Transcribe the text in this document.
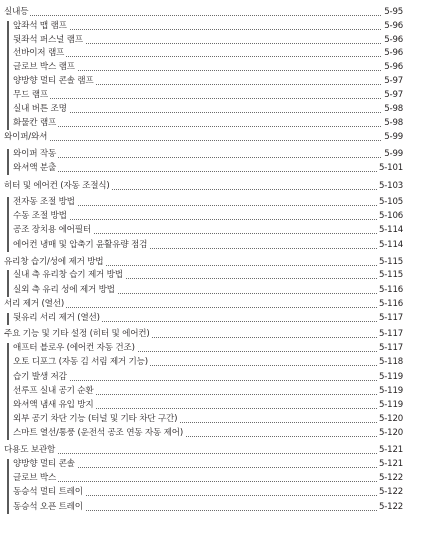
실내등	5-95
앞좌석 맵 램프	5-96
뒷좌석 퍼스널 램프	5-96
선바이저 램프	5-96
글로브 박스 램프	5-96
양방향 멀티 콘솔 램프	5-97
무드 램프	5-97
실내 버튼 조명	5-98
화물칸 램프	5-98
와이퍼/와셔	5-99
와이퍼 작동	5-99
와셔액 분출	5-101
히터 및 에어컨 (자동 조절식)	5-103
전자동 조절 방법	5-105
수동 조절 방법	5-106
공조 장치용 에어필터	5-114
에어컨 냉매 및 압축기 윤활유량 점검	5-114
유리창 습기/성에 제거 방법	5-115
실내 측 유리창 습기 제거 방법	5-115
실외 측 유리 성에 제거 방법	5-116
서리 제거 (열선)	5-116
뒷유리 서리 제거 (열선)	5-117
주요 기능 및 기타 설정 (히터 및 에어컨)	5-117
애프터 블로우 (에어컨 자동 건조)	5-117
오토 디포그 (자동 김 서림 제거 기능)	5-118
습기 발생 저감	5-119
선루프 실내 공기 순환	5-119
와셔액 냄새 유입 방지	5-119
외부 공기 차단 기능 (터널 및 기타 차단 구간)	5-120
스마트 열선/통풍 (운전석 공조 연동 자동 제어)	5-120
다용도 보관함	5-121
양방향 멀티 콘솔	5-121
글로브 박스	5-122
동승석 멀티 트레이	5-122
동승석 오픈 트레이	5-122
